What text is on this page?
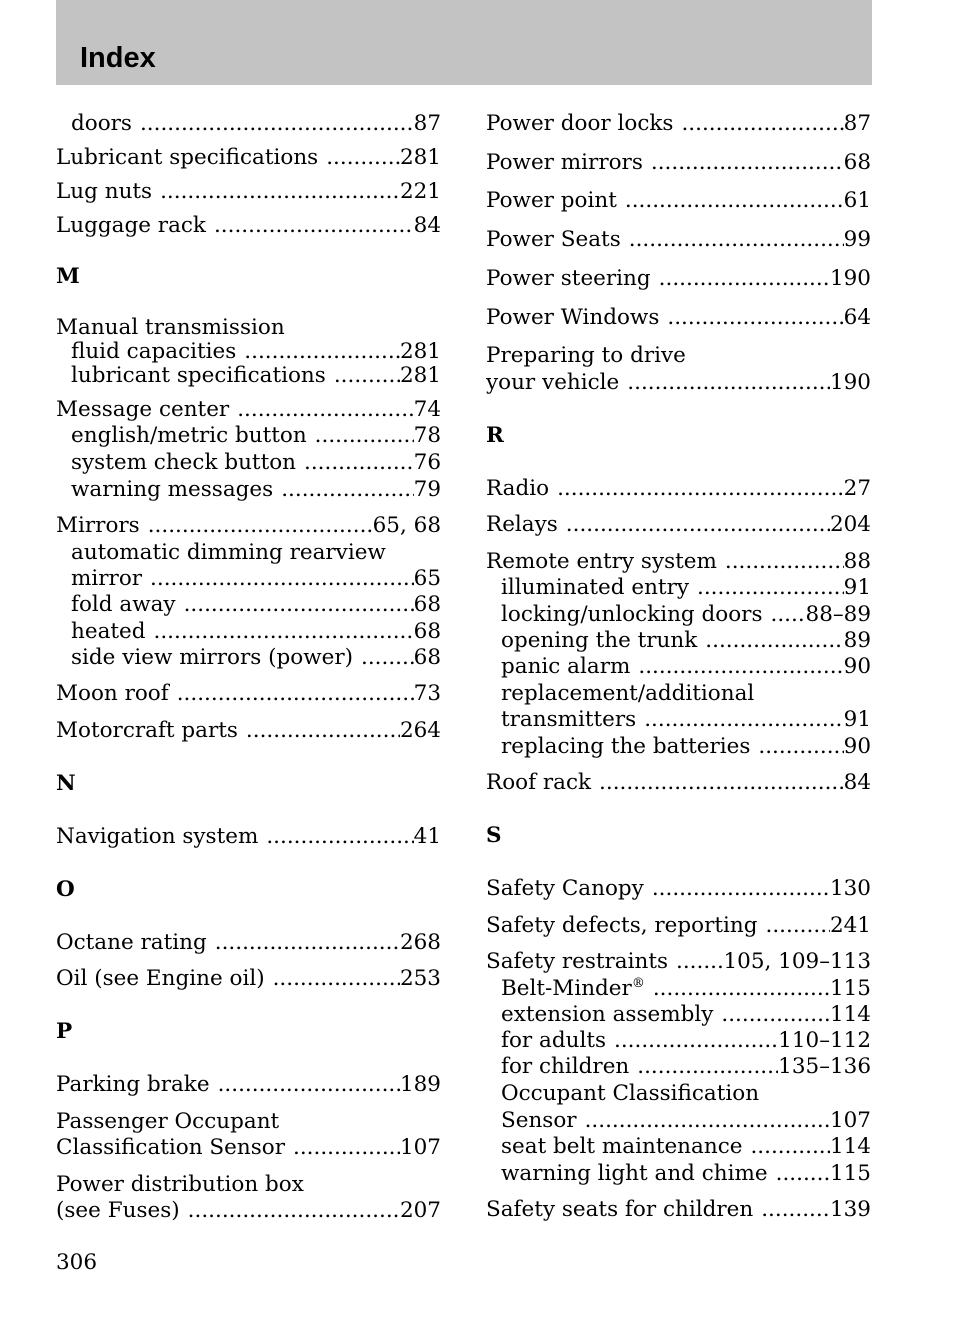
Index
doors .....	87
Lubricant specifications .....	281
Lug nuts .....	221
Luggage rack .....	84
M
Manual transmission
fluid capacities .....	281
lubricant specifications .....	281
Message center .....	74
english/metric button .....	78
system check button .....	76
warning messages .....	79
Mirrors .....	65, 68
automatic dimming rearview
mirror .....	65
fold away .....	68
heated .....	68
side view mirrors (power) .....	68
Moon roof .....	73
Motorcraft parts .....	264
N
Navigation system .....	41
O
Octane rating .....	268
Oil (see Engine oil) .....	253
P
Parking brake .....	189
Passenger Occupant
Classification Sensor .....	107
Power distribution box
(see Fuses) .....	207
Power door locks .....	87
Power mirrors .....	68
Power point .....	61
Power Seats .....	99
Power steering .....	190
Power Windows .....	64
Preparing to drive
your vehicle .....	190
R
Radio .....	27
Relays .....	204
Remote entry system .....	88
illuminated entry .....	91
locking/unlocking doors .....	88–89
opening the trunk .....	89
panic alarm .....	90
replacement/additional
transmitters .....	91
replacing the batteries .....	90
Roof rack .....	84
S
Safety Canopy .....	130
Safety defects, reporting .....	241
Safety restraints .....	105, 109–113
Belt-Minder® .....	115
extension assembly .....	114
for adults .....	110–112
for children .....	135–136
Occupant Classification
Sensor .....	107
seat belt maintenance .....	114
warning light and chime .....	115
Safety seats for children .....	139
306
